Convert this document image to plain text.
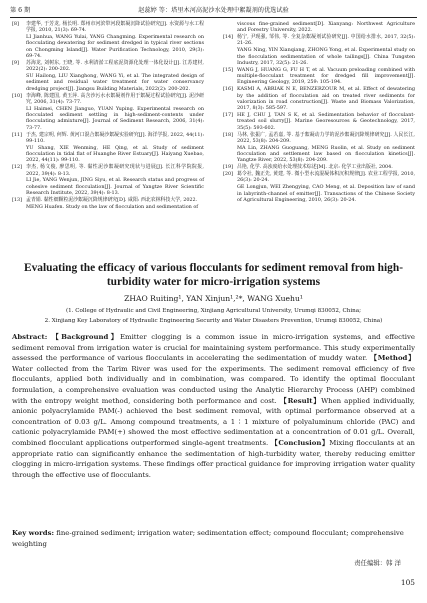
第 6 期	赵蕊婷 等：塔里木河高泥沙水处理中絮凝剂的优选试验
[8] 李建华, 于芳龙, 杨长明. 郑州市河滨带河段絮凝沉降试验研究[J]. 水资源与水工程学报, 2010, 21(3): 69-74.
LI Jianhua, WANG Yulai, YANG Changming. Experimental research on flocculating dewatering for sediment dredged in typical river sections on Chongming Island[J]. Water Purification Technology, 2010, 29(3): 69-74.
[9] 苏海龙, 刘树东, 王晓, 等. 水利清淤工程底泥资源化处理一体化设计[J]. 江苏建材, 2022(2): 200-202.
SU Hailong, LIU Xianghong, WANG Yi, et al. The integrated design of sediment and residual water treatment for water conservancy dredging project[J]. Jiangsu Building Materials, 2022(2): 200-202.
[10] 李海峰, 陈建国, 黄玉萍. 高含沙污水水絮凝剂作用于絮凝过程试验研究[J]. 泥沙研究, 2006, 31(4): 73-77.
LI Haimei, CHEN Jianguo, YUAN Yuping. Experimental research on flocculated sediment settling in high-sediment-contents under flocculating admixture[J]. Journal of Sediment Research, 2006, 31(4): 73-77.
[11] 于杰, 建宗明, 何辉. 黄河口混合絮凝沙絮凝实验研究[J]. 海洋学报, 2022, 44(11): 99-110.
YU Shang, XIE Wenming, HE Qing, et al. Study of sediment flocculation in tidal flat of Huanghe River Estuary[J]. Haiyang Xuebao, 2022, 44(11): 99-110.
[12] 李杰, 杨文俊, 廖思明, 等. 黏性泥沙絮凝研究现状与进展[J]. 长江科学院院报, 2022, 39(4): 8-13.
LI Jie, YANG Wenjun, JING Siyu, et al. Research status and progress of cohesive sediment flocculation[J]. Journal of Yangtze River Scientific Research Institute, 2022, 39(4): 8-13.
[13] 孟青娟. 黏性细颗粒泥沙絮凝沉降规律研究[D]. 咸阳: 西北农林科技大学, 2022.
MENG Huafen. Study on the law of flocculation and sedimentation of
viscous fine-grained sediment[D]. Xianyang: Northwest Agriculture and Forestry University, 2022.
[14] 杨宁, 尹现强, 邹伟, 等. 全复杂絮凝剂试验研究[J]. 中国给水排水, 2017, 32(5): 21-26.
YANG Ning, YIN Xianqiang, ZHONG Yong, et al. Experimental study on the flocculation sedimentation of whole tailings[J]. China Tungsten Industry, 2017, 32(5): 21-26.
[15] WANG J, HUANG G, FU H T, et al. Vacuum preloading combined with multiple-flocculant treatment for dredged fill improvement[J]. Engineering Geology, 2019, 259: 105-194.
[16] KASMI A, ABRIAK N E, BENZERZOUR M, et al. Effect of dewatering by the addition of flocculation aid on treated river sediments for valorization in road construction[J]. Waste and Biomass Valorization, 2017, 8(3): 585-597.
[17] HE J, CHU J, TAN S K, et al. Sedimentation behavior of flocculant-treated soil slurry[J]. Marine Georesources & Geotechnology, 2017, 35(5): 593-602.
[18] 马林, 张振广, 孟若嘉, 等. 基于絮凝动力学的泥沙絮凝沉降规律研究[J]. 人民长江, 2022, 53(8): 204-209.
MA Lin, ZHANG Guoguang, MENG Ruolin, et al. Study on sediment flocculation and settlement law based on flocculation kinetics[J]. Yangtze River, 2022, 53(8): 204-209.
[19] 吕艳, 化学. 高浊度给水处理技术综述[M]. 北京: 化学工业出版社, 2004.
[20] 葛令社, 魏正先, 黄建, 等. 微小型水流混凝体积沉积规律[J]. 农业工程学报, 2010, 26(3): 20-24.
GE Longjun, WEI Zhengying, CAO Meng, et al. Deposition law of sand in labyrinth-channel of emitter[J]. Transactions of the Chinese Society of Agricultural Engineering, 2010, 26(3): 20-24.
Evaluating the efficacy of various flocculants for sediment removal from high-turbidity water for micro-irrigation systems
ZHAO Ruiting¹, YAN Xinjun¹,²*, WANG Xuehu¹
(1. College of Hydraulic and Civil Engineering, Xinjiang Agricultural University, Urumqi 830052, China;
2. Xinjiang Key Laboratory of Hydraulic Engineering Security and Water Disasters Prevention, Urumqi 830052, China)
Abstract: 【Background】Emitter clogging is a common issue in micro-irrigation systems, and effective sediment removal from irrigation water is crucial for maintaining system performance. This study experimentally assessed the performance of various flocculants in accelerating the sedimentation of muddy water. 【Method】Water collected from the Tarim River was used for the experiments. The sediment removal efficiency of five flocculants, applied both individually and in combination, was compared. To identify the optimal flocculant formulation, a comprehensive evaluation was conducted using the Analytic Hierarchy Process (AHP) combined with the entropy weight method, considering both performance and cost. 【Result】When applied individually, anionic polyacrylamide PAM(-) achieved the best sediment removal, with optimal performance observed at a concentration of 0.03 g/L. Among compound treatments, a 1 ∶ 1 mixture of polyaluminum chloride (PAC) and cationic polyacrylamide PAM(+) showed the most effective sedimentation at a concentration of 0.01 g/L. Overall, combined flocculant applications outperformed single-agent treatments. 【Conclusion】Mixing flocculants at an appropriate ratio can significantly enhance the sedimentation of high-turbidity water, thereby reducing emitter clogging in micro-irrigation systems. These findings offer practical guidance for improving irrigation water quality through the effective use of flocculants.
Key words: fine-grained sediment; irrigation water; sedimentation effect; compound flocculant; comprehensive weighting
责任编辑：韩 洋
105
